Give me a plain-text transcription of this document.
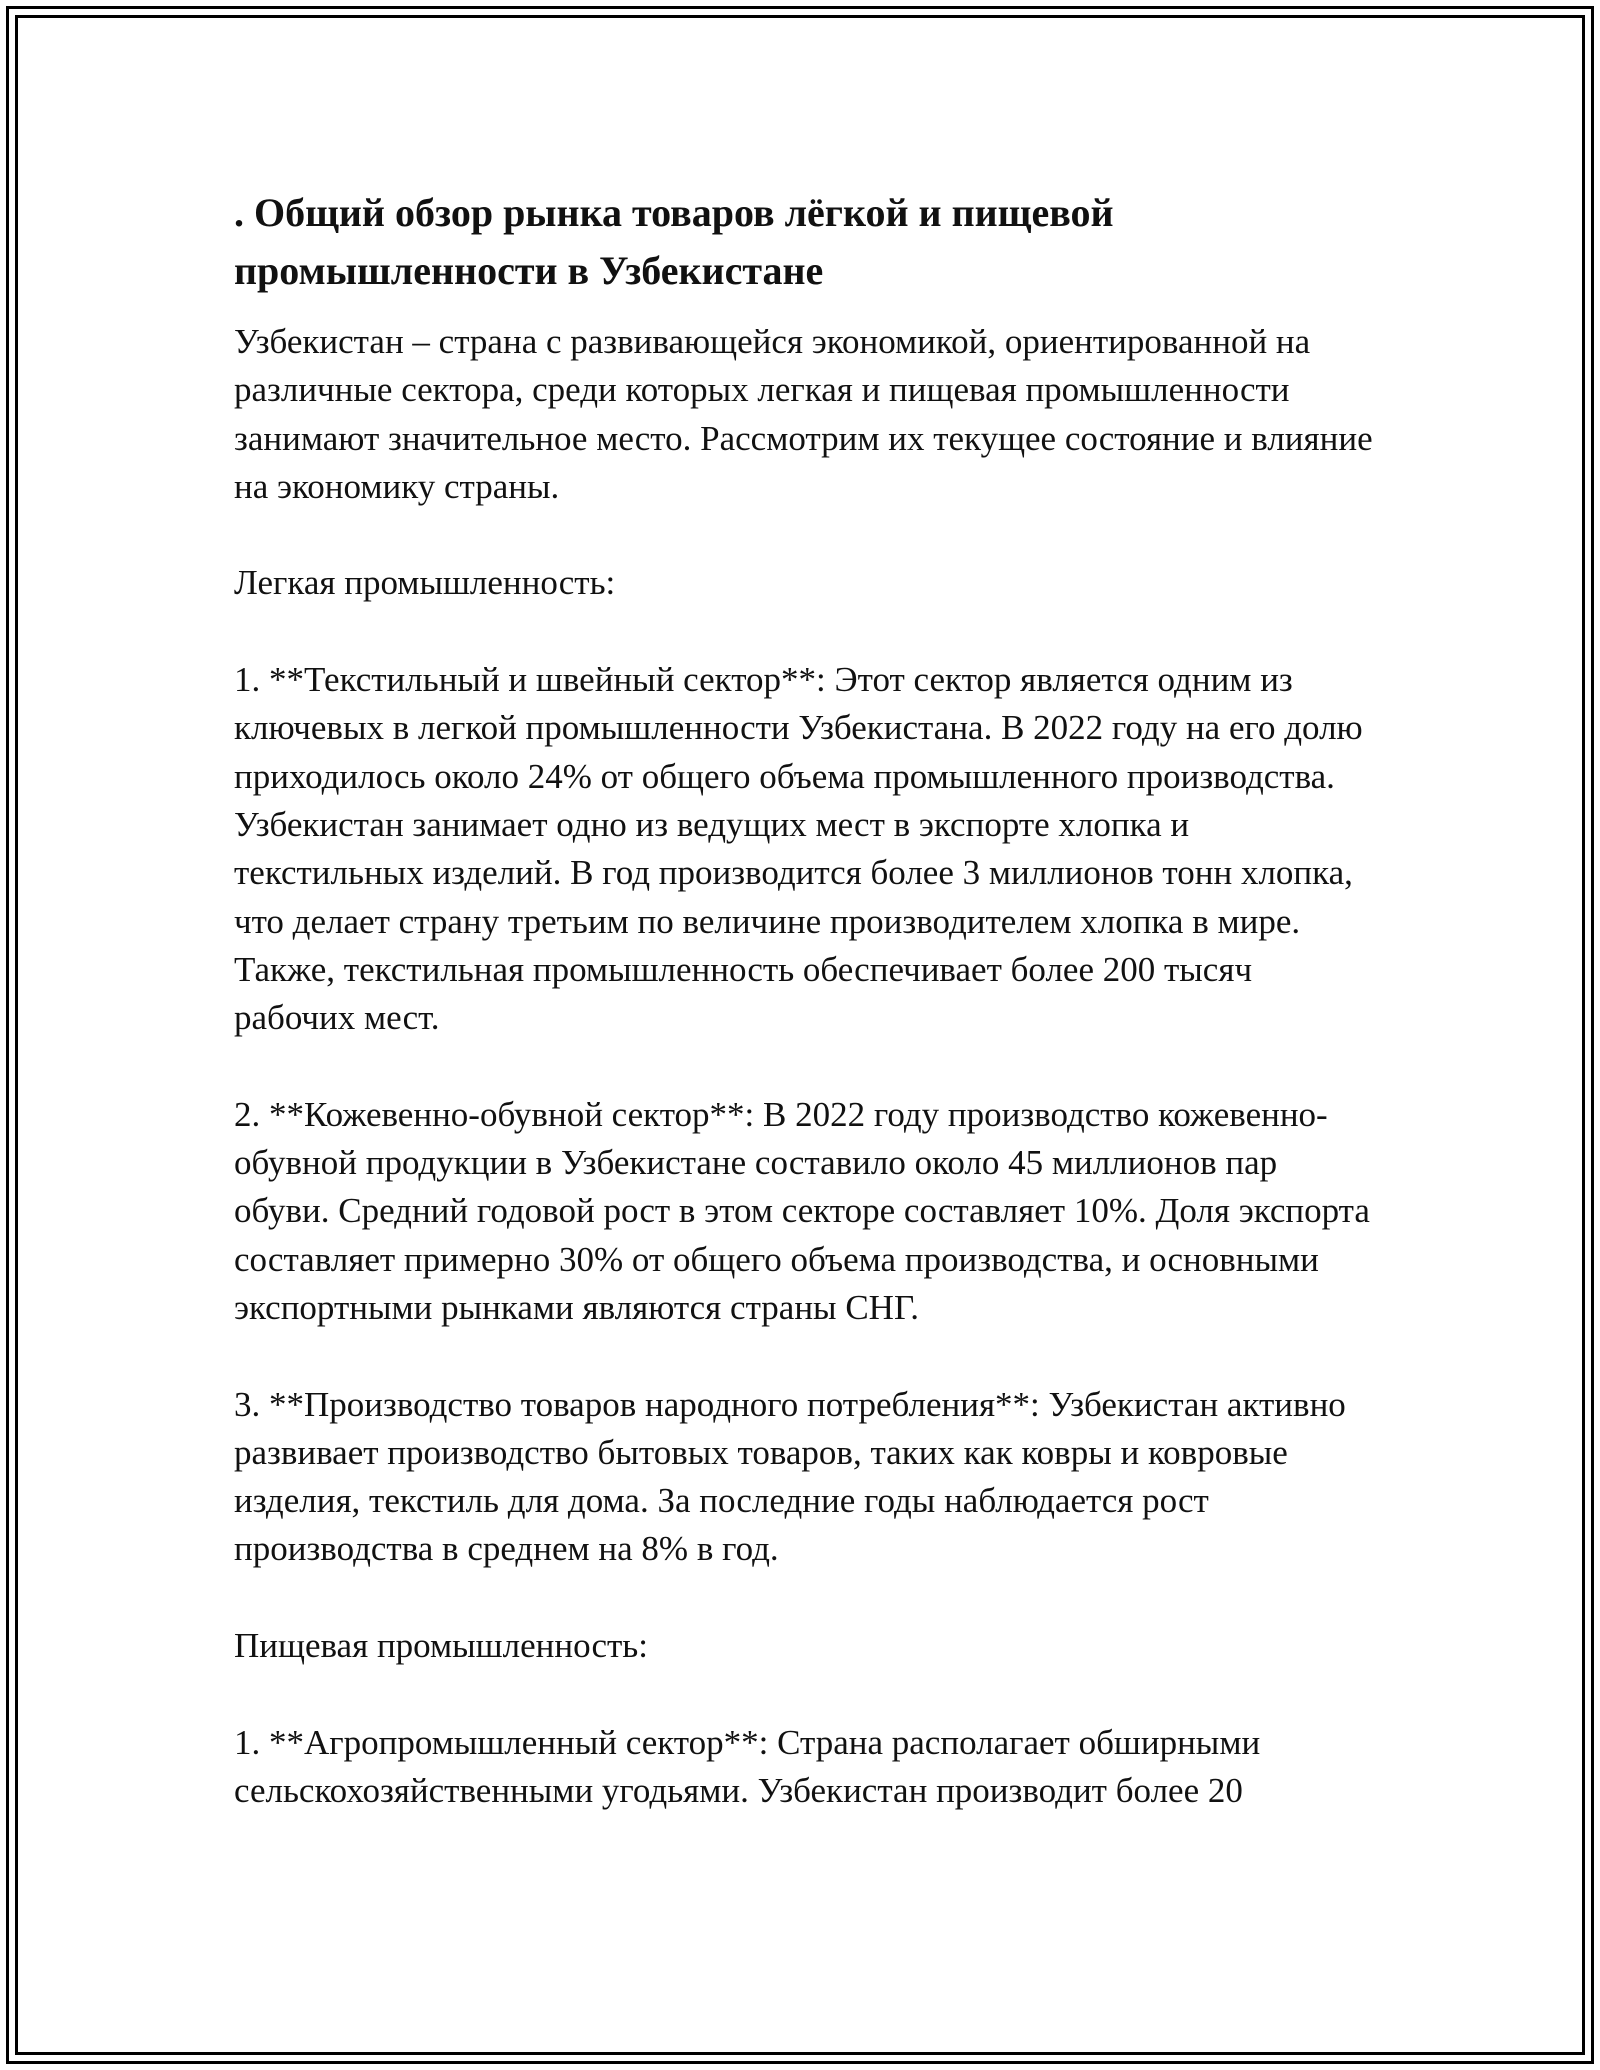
. Общий обзор рынка товаров лёгкой и пищевой промышленности в Узбекистане

Узбекистан – страна с развивающейся экономикой, ориентированной на различные сектора, среди которых легкая и пищевая промышленности занимают значительное место. Рассмотрим их текущее состояние и влияние на экономику страны.

Легкая промышленность:

1. **Текстильный и швейный сектор**: Этот сектор является одним из ключевых в легкой промышленности Узбекистана. В 2022 году на его долю приходилось около 24% от общего объема промышленного производства. Узбекистан занимает одно из ведущих мест в экспорте хлопка и текстильных изделий. В год производится более 3 миллионов тонн хлопка, что делает страну третьим по величине производителем хлопка в мире. Также, текстильная промышленность обеспечивает более 200 тысяч рабочих мест.

2. **Кожевенно-обувной сектор**: В 2022 году производство кожевенно-обувной продукции в Узбекистане составило около 45 миллионов пар обуви. Средний годовой рост в этом секторе составляет 10%. Доля экспорта составляет примерно 30% от общего объема производства, и основными экспортными рынками являются страны СНГ.

3. **Производство товаров народного потребления**: Узбекистан активно развивает производство бытовых товаров, таких как ковры и ковровые изделия, текстиль для дома. За последние годы наблюдается рост производства в среднем на 8% в год.

Пищевая промышленность:

1. **Агропромышленный сектор**: Страна располагает обширными сельскохозяйственными угодьями. Узбекистан производит более 20
